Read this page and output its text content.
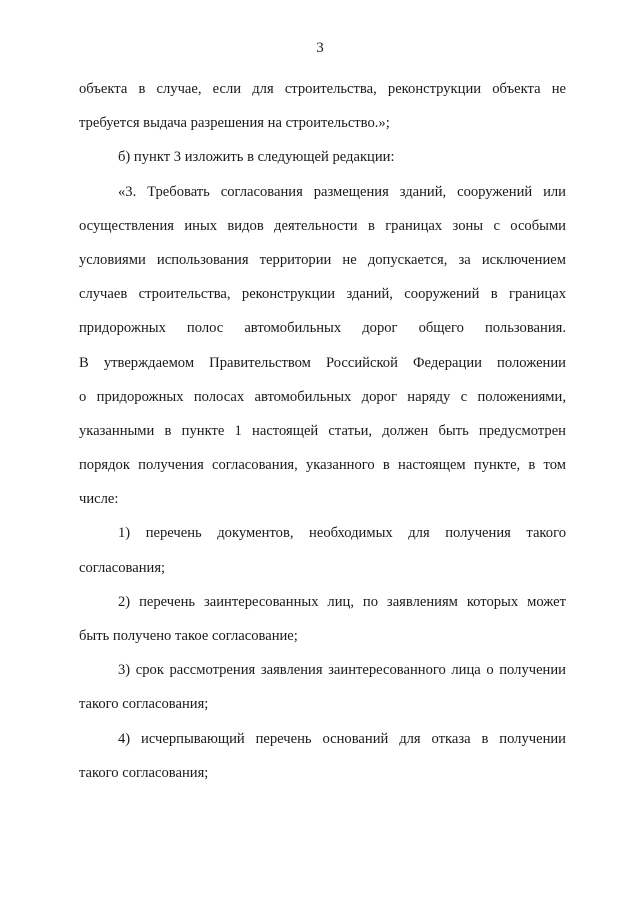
3
объекта в случае, если для строительства, реконструкции объекта не
требуется выдача разрешения на строительство.»;
б) пункт 3 изложить в следующей редакции:
«3. Требовать согласования размещения зданий, сооружений или
осуществления иных видов деятельности в границах зоны с особыми
условиями использования территории не допускается, за исключением
случаев строительства, реконструкции зданий, сооружений в границах
придорожных полос автомобильных дорог общего пользования.
В утверждаемом Правительством Российской Федерации положении
о придорожных полосах автомобильных дорог наряду с положениями,
указанными в пункте 1 настоящей статьи, должен быть предусмотрен
порядок получения согласования, указанного в настоящем пункте, в том
числе:
1) перечень документов, необходимых для получения такого
согласования;
2) перечень заинтересованных лиц, по заявлениям которых может
быть получено такое согласование;
3) срок рассмотрения заявления заинтересованного лица о получении
такого согласования;
4) исчерпывающий перечень оснований для отказа в получении
такого согласования;
